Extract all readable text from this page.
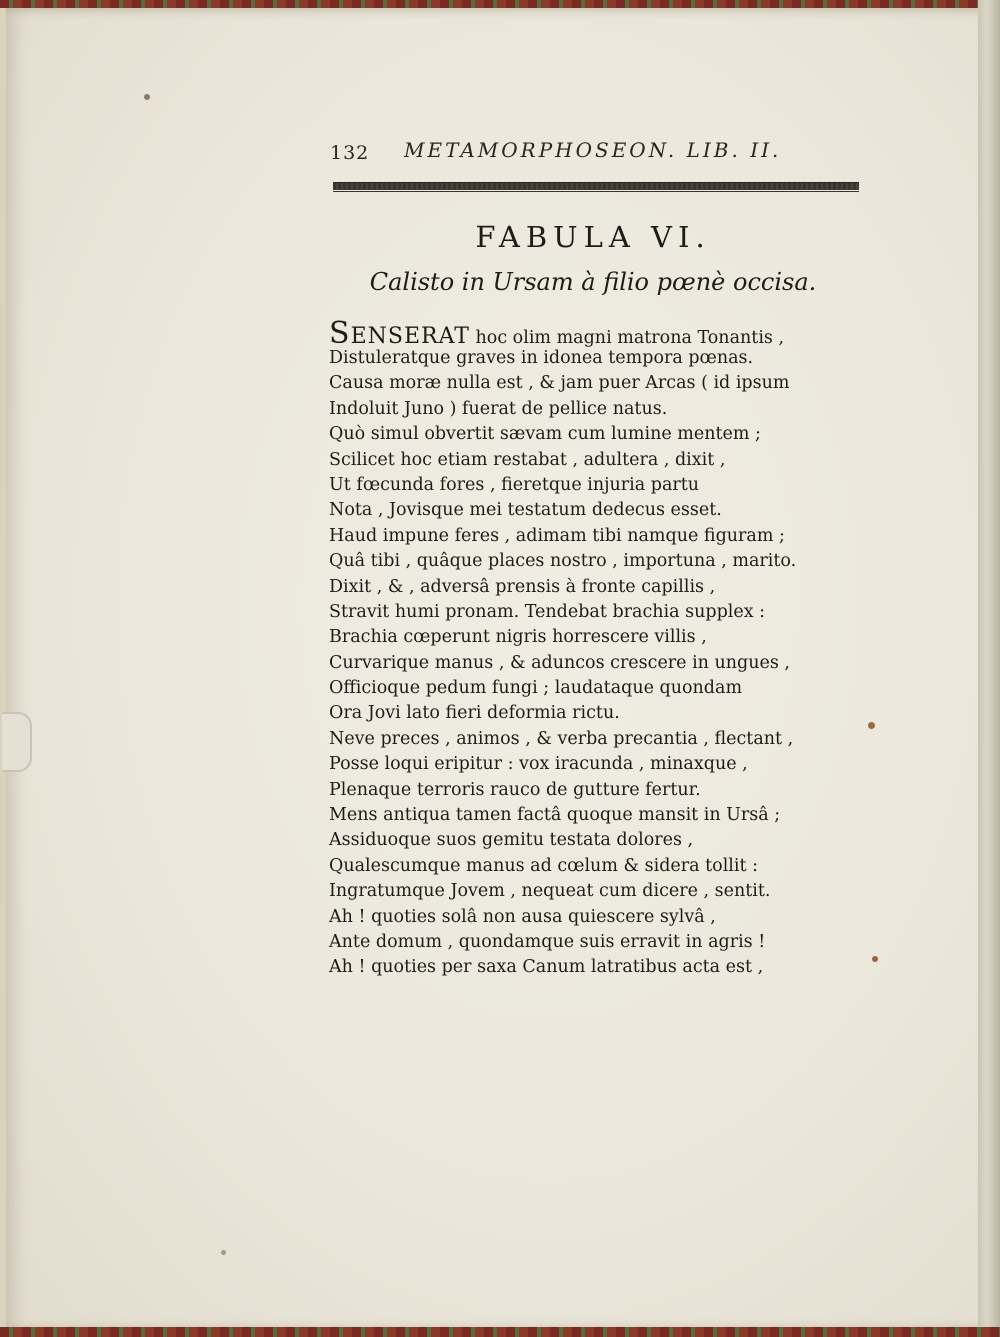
132 METAMORPHOSEON. LIB. II.
FABULA VI.
Calisto in Ursam à filio pœnè occisa.
SENSERAT hoc olim magni matrona Tonantis ,
Distuleratque graves in idonea tempora pœnas.
Causa moræ nulla est , & jam puer Arcas ( id ipsum
Indoluit Juno ) fuerat de pellice natus.
Quò simul obvertit sævam cum lumine mentem ;
Scilicet hoc etiam restabat , adultera , dixit ,
Ut fœcunda fores , fieretque injuria partu
Nota , Jovisque mei testatum dedecus esset.
Haud impune feres , adimam tibi namque figuram ;
Quâ tibi , quâque places nostro , importuna , marito.
Dixit , & , adversâ prensis à fronte capillis ,
Stravit humi pronam. Tendebat brachia supplex :
Brachia cœperunt nigris horrescere villis ,
Curvarique manus , & aduncos crescere in ungues ,
Officioque pedum fungi ; laudataque quondam
Ora Jovi lato fieri deformia rictu.
Neve preces , animos , & verba precantia , flectant ,
Posse loqui eripitur : vox iracunda , minaxque ,
Plenaque terroris rauco de gutture fertur.
Mens antiqua tamen factâ quoque mansit in Ursâ ;
Assiduoque suos gemitu testata dolores ,
Qualescumque manus ad cœlum & sidera tollit :
Ingratumque Jovem , nequeat cum dicere , sentit.
Ah ! quoties solâ non ausa quiescere sylvâ ,
Ante domum , quondamque suis erravit in agris !
Ah ! quoties per saxa Canum latratibus acta est ,
